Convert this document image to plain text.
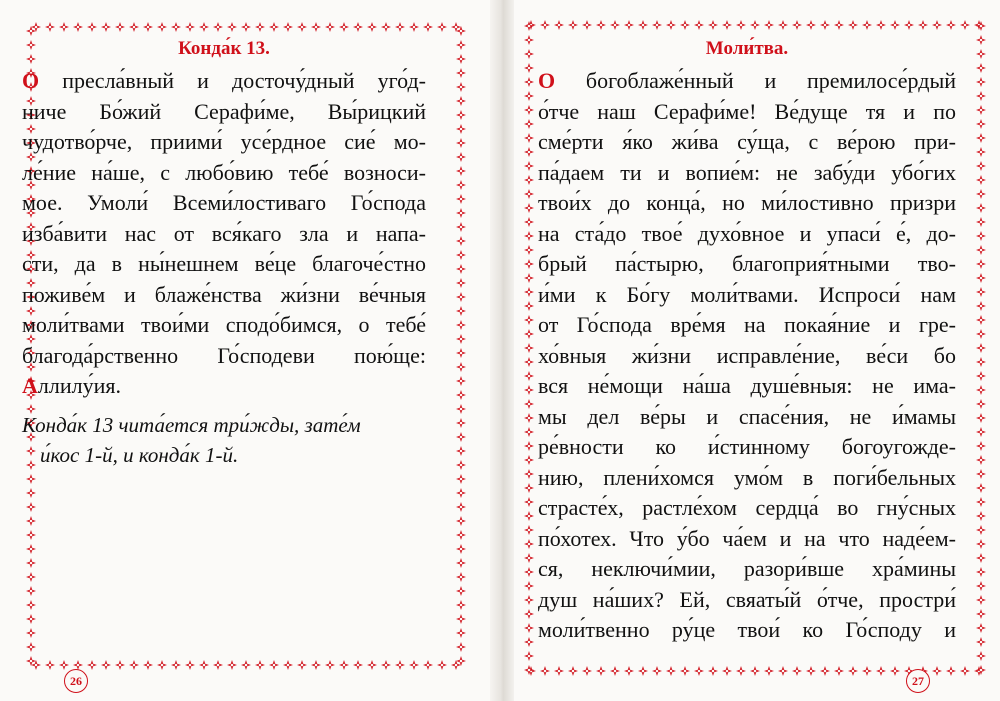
Конда́к 13.

О преcла́вный и досточу́дный уго́д-
ниче Бо́жий Серафи́ме, Вы́рицкий
чудотво́рче, приими́ усе́рдное сие́ мо-
ле́ние на́ше, с любо́вию тебе́ возноси-
мое. Умоли́ Всеми́лостиваго Го́спода
изба́вити нас от вся́каго зла и напа-
сти, да в ны́нешнем ве́це благоче́стно
поживе́м и блаже́нства жи́зни ве́чныя
моли́твами твои́ми сподо́бимся, о тебе́
благода́рственно Го́сподеви пою́ще:
Аллилу́ия.

Конда́к 13 чита́ется три́жды, зате́м
и́кос 1-й, и конда́к 1-й.

26
Моли́тва.

О богоблаже́нный и премилосе́рдый
о́тче наш Серафи́ме! Ве́дуще тя и по
сме́рти я́ко жи́ва су́ща, с ве́рою при-
па́даем ти и вопие́м: не забу́ди убо́гих
твои́х до конца́, но ми́лостивно призри
на ста́до твое́ духо́вное и упаси́ е́, до-
брый па́стырю, благоприя́тными тво-
и́ми к Бо́гу моли́твами. Испроси́ нам
от Го́спода вре́мя на покая́ние и гре-
хо́вныя жи́зни исправле́ние, ве́си бо
вся не́мощи на́ша душе́вныя: не има-
мы дел ве́ры и спасе́ния, не и́мамы
ре́вности ко и́стинному богоугожде-
нию, плени́хомся умо́м в поги́бельных
страсте́х, растле́хом сердца́ во гну́сных
по́хотех. Что у́бо ча́ем и на что наде́ем-
ся, неключи́мии, разори́вше хра́мины
душ на́ших? Ей, свяаты́й о́тче, простри́
моли́твенно ру́це твои́ ко Го́споду и

27
